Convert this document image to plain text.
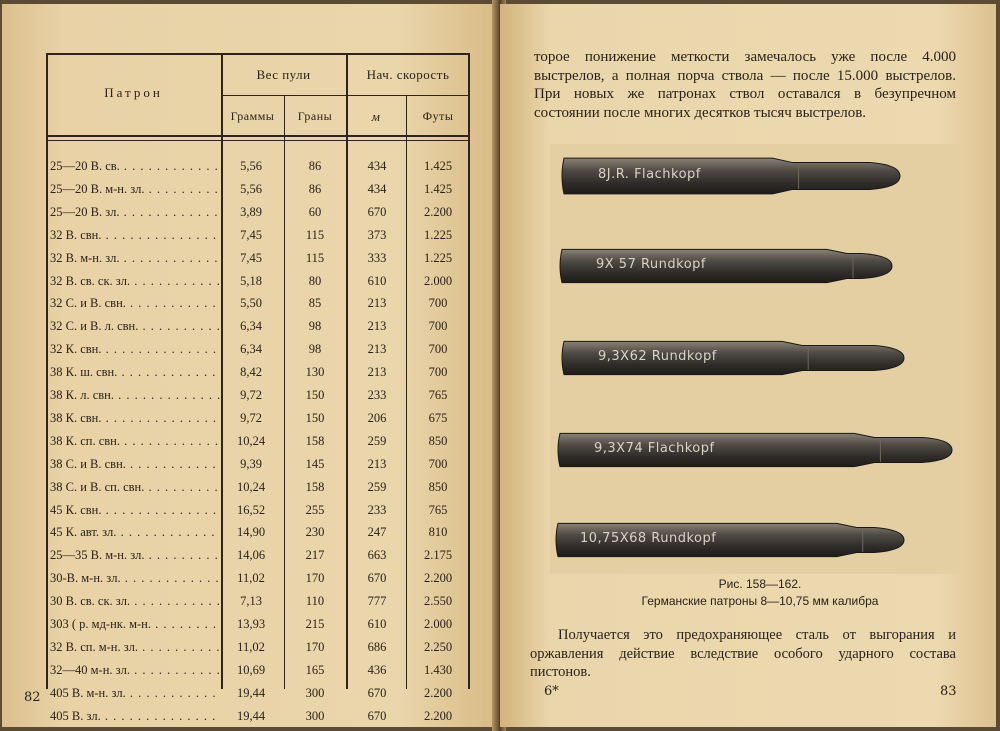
Патрон
Вес пули	Нач. скорость
Граммы	Граны	м	Футы
25—20 В. св. . . .	5,56	86	434	1.425
25—20 В. м-н. зл. . . .	5,56	86	434	1.425
25—20 В. зл. . . .	3,89	60	670	2.200
32 В. свн. . . .	7,45	115	373	1.225
32 В. м-н. зл. . . .	7,45	115	333	1.225
32 В. св. ск. зл. . . .	5,18	80	610	2.000
32 С. и В. свн. . . .	5,50	85	213	700
32 С. и В. л. свн. . . .	6,34	98	213	700
32 К. свн. . . .	6,34	98	213	700
38 К. ш. свн. . . .	8,42	130	213	700
38 К. л. свн. . . .	9,72	150	233	765
38 К. свн. . . .	9,72	150	206	675
38 К. сп. свн. . . .	10,24	158	259	850
38 С. и В. свн. . . .	9,39	145	213	700
38 С. и В. сп. свн. . . .	10,24	158	259	850
45 К. свн. . . .	16,52	255	233	765
45 К. авт. зл. . . .	14,90	230	247	810
25—35 В. м-н. зл. . . .	14,06	217	663	2.175
30-В. м-н. зл. . . .	11,02	170	670	2.200
30 В. св. ск. зл. . . .	7,13	110	777	2.550
303 ( р. мд-нк. м-н. . . .	13,93	215	610	2.000
32 В. сп. м-н. зл. . . .	11,02	170	686	2.250
32—40 м-н. зл. . . .	10,69	165	436	1.430
405 В. м-н. зл. . . .	19,44	300	670	2.200
405 В. зл. . . .	19,44	300	670	2.200
82
торое понижение меткости замечалось уже после 4.000 выстрелов, а полная порча ствола — после 15.000 выстрелов. При новых же патронах ствол оставался в безупречном состоянии после многих десятков тысяч выстрелов.
8J.R. Flachkopf
9X 57 Rundkopf
9,3X62 Rundkopf
9,3X74 Flachkopf
10,75X68 Rundkopf
Рис. 158—162.
Германские патроны 8—10,75 мм калибра
Получается это предохраняющее сталь от выгорания и оржавления действие вследствие особого ударного состава пистонов.
6*	83
